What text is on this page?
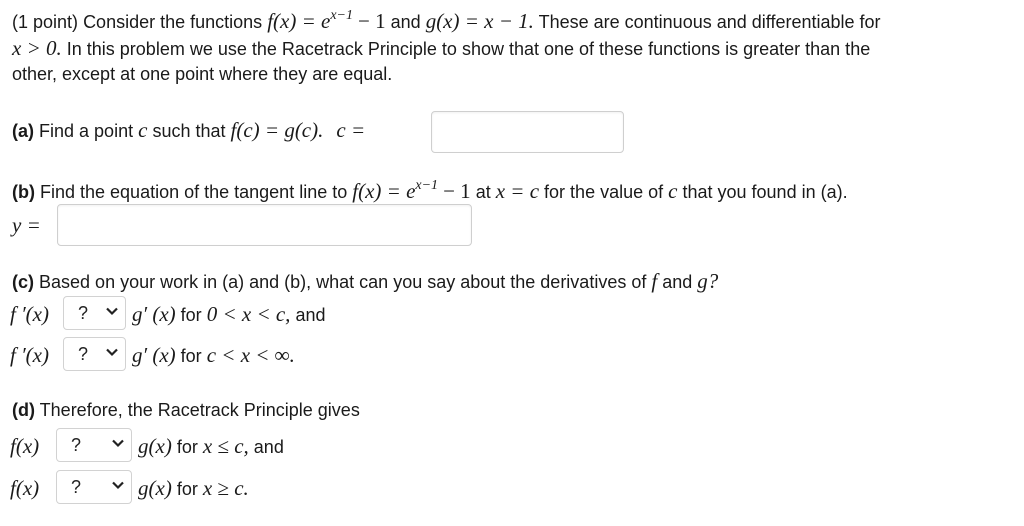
(1 point) Consider the functions $f(x) = e^{x-1} - 1$ and g(x) = x − 1. These are continuous and differentiable for
x > 0. In this problem we use the Racetrack Principle to show that one of these functions is greater than the
other, except at one point where they are equal.
(a) Find a point c such that f(c) = g(c). c =
(b) Find the equation of the tangent line to $f(x) = e^{x-1} - 1$ at x = c for the value of c that you found in (a).
y =
(c) Based on your work in (a) and (b), what can you say about the derivatives of f and g?
f ′(x) ? g′ (x) for 0 < x < c, and
f ′(x) ? g′ (x) for c < x < ∞.
(d) Therefore, the Racetrack Principle gives
f(x) ?	g(x) for x ≤ c, and
f(x) ?	g(x) for x ≥ c.
